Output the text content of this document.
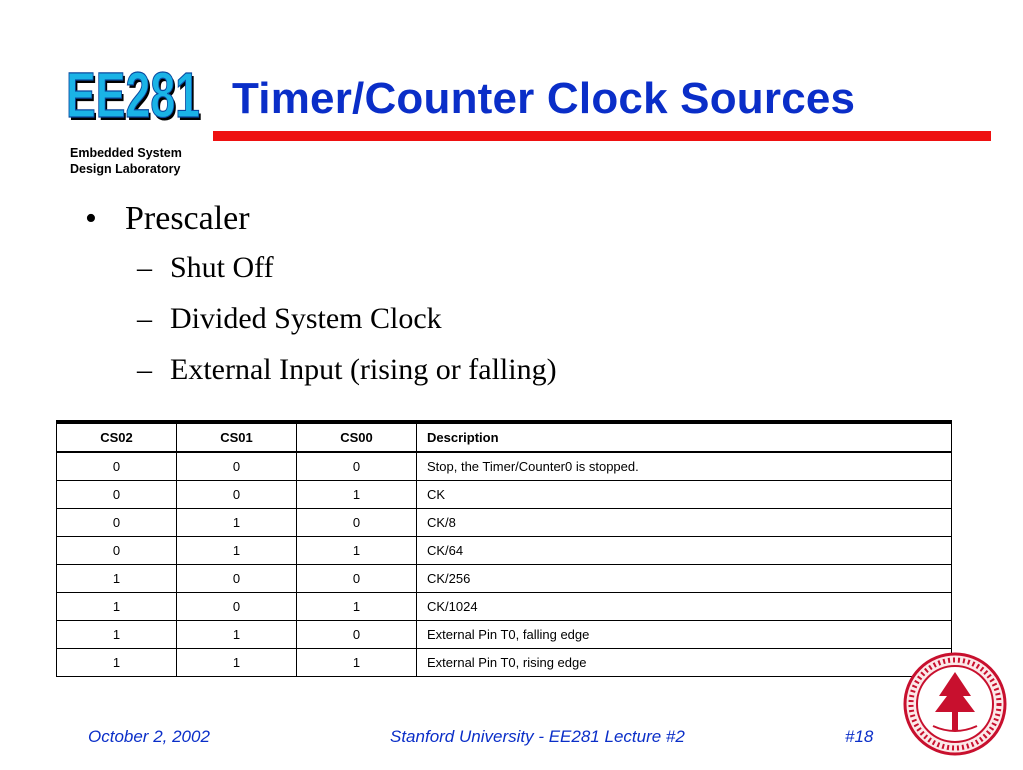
EE281
EE281
Embedded System
Design Laboratory
Timer/Counter Clock Sources
• Prescaler
– Shut Off
– Divided System Clock
– External Input (rising or falling)
CS02	CS01	CS00	Description
0	0	0	Stop, the Timer/Counter0 is stopped.
0	0	1	CK
0	1	0	CK/8
0	1	1	CK/64
1	0	0	CK/256
1	0	1	CK/1024
1	1	0	External Pin T0, falling edge
1	1	1	External Pin T0, rising edge
October 2, 2002	Stanford University - EE281 Lecture #2	#18
